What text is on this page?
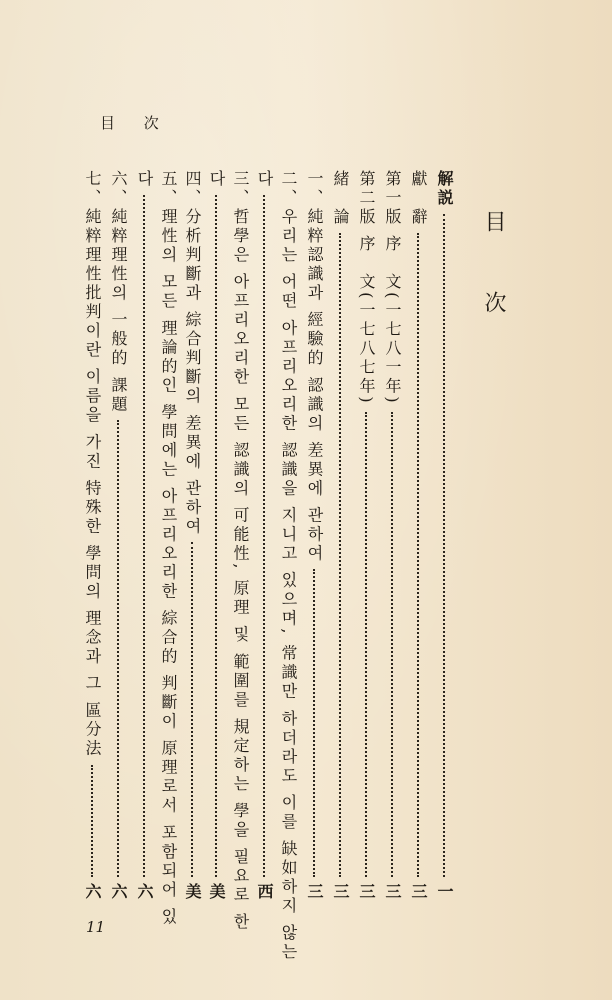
目 次
目 次
解説
一
獻　辭
三
第一版 序　文(一七八一年)
三
第二版 序　文(一七八七年)
三
緒　論
三
一、純粹認識과 經驗的 認識의 差異에 관하여
三
二、우리는 어떤 아프리오리한 認識을 지니고 있으며, 常識만 하더라도 이를 缺如하지 않는
다
西
三、哲學은 아프리오리한 모든 認識의 可能性, 原理 및 範圍를 規定하는 學을 필요로 한
다
美
四、分析判斷과 綜合判斷의 差異에 관하여
美
五、理性의 모든 理論的인 學問에는 아프리오리한 綜合的 判斷이 原理로서 포함되어 있
다
六
六、純粹理性의 一般的 課題
六
七、純粹理性批判이란 이름을 가진 特殊한 學問의 理念과 그 區分法
六
11
